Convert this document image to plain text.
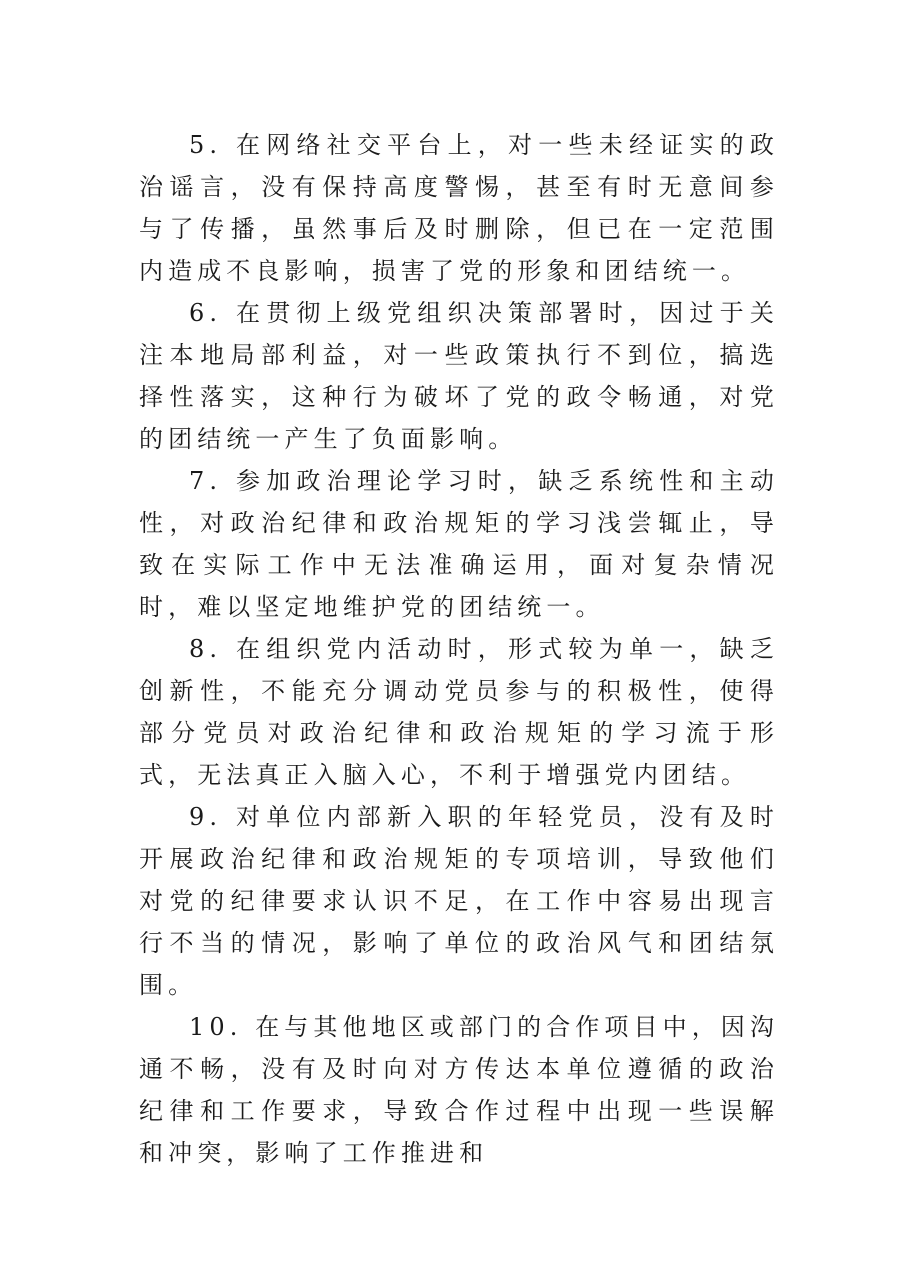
5. 在网络社交平台上，对一些未经证实的政治谣言，没有保持高度警惕，甚至有时无意间参与了传播，虽然事后及时删除，但已在一定范围内造成不良影响，损害了党的形象和团结统一。

6. 在贯彻上级党组织决策部署时，因过于关注本地局部利益，对一些政策执行不到位，搞选择性落实，这种行为破坏了党的政令畅通，对党的团结统一产生了负面影响。

7. 参加政治理论学习时，缺乏系统性和主动性，对政治纪律和政治规矩的学习浅尝辄止，导致在实际工作中无法准确运用，面对复杂情况时，难以坚定地维护党的团结统一。

8. 在组织党内活动时，形式较为单一，缺乏创新性，不能充分调动党员参与的积极性，使得部分党员对政治纪律和政治规矩的学习流于形式，无法真正入脑入心，不利于增强党内团结。

9. 对单位内部新入职的年轻党员，没有及时开展政治纪律和政治规矩的专项培训，导致他们对党的纪律要求认识不足，在工作中容易出现言行不当的情况，影响了单位的政治风气和团结氛围。

10. 在与其他地区或部门的合作项目中，因沟通不畅，没有及时向对方传达本单位遵循的政治纪律和工作要求，导致合作过程中出现一些误解和冲突，影响了工作推进和
